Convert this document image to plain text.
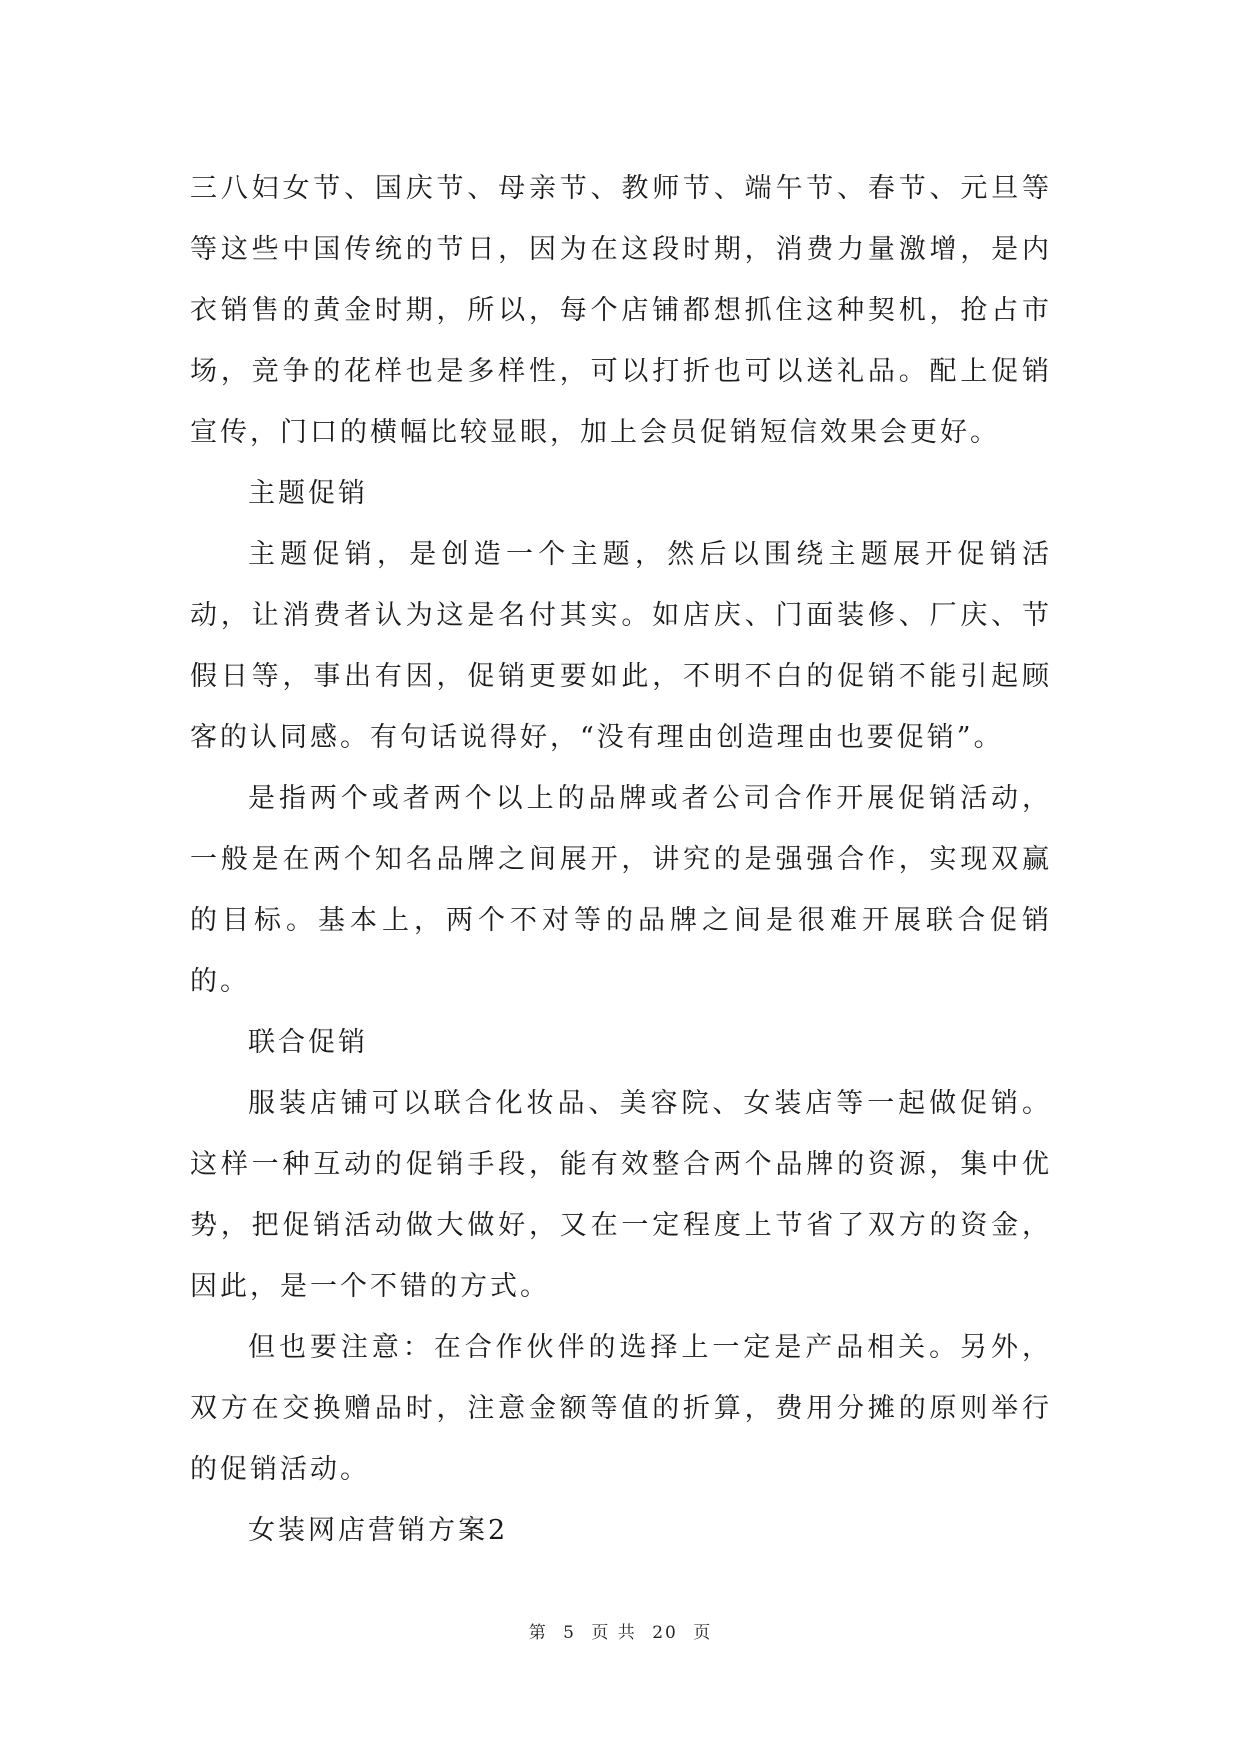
三八妇女节、国庆节、母亲节、教师节、端午节、春节、元旦等等这些中国传统的节日，因为在这段时期，消费力量激增，是内衣销售的黄金时期，所以，每个店铺都想抓住这种契机，抢占市场，竞争的花样也是多样性，可以打折也可以送礼品。配上促销宣传，门口的横幅比较显眼，加上会员促销短信效果会更好。

主题促销

主题促销，是创造一个主题，然后以围绕主题展开促销活动，让消费者认为这是名付其实。如店庆、门面装修、厂庆、节假日等，事出有因，促销更要如此，不明不白的促销不能引起顾客的认同感。有句话说得好，“没有理由创造理由也要促销”。

是指两个或者两个以上的品牌或者公司合作开展促销活动，一般是在两个知名品牌之间展开，讲究的是强强合作，实现双赢的目标。基本上，两个不对等的品牌之间是很难开展联合促销的。

联合促销

服装店铺可以联合化妆品、美容院、女装店等一起做促销。这样一种互动的促销手段，能有效整合两个品牌的资源，集中优势，把促销活动做大做好，又在一定程度上节省了双方的资金，因此，是一个不错的方式。

但也要注意：在合作伙伴的选择上一定是产品相关。另外，双方在交换赠品时，注意金额等值的折算，费用分摊的原则举行的促销活动。

女装网店营销方案2

第 5 页 共 20 页
